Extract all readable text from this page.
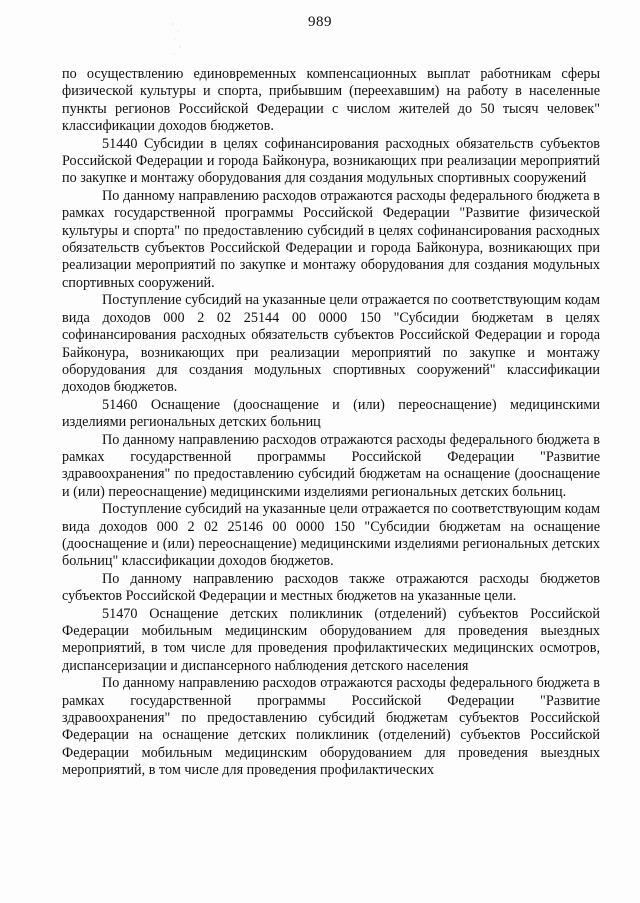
989

по осуществлению единовременных компенсационных выплат работникам сферы физической культуры и спорта, прибывшим (переехавшим) на работу в населенные пункты регионов Российской Федерации с числом жителей до 50 тысяч человек" классификации доходов бюджетов.

51440 Субсидии в целях софинансирования расходных обязательств субъектов Российской Федерации и города Байконура, возникающих при реализации мероприятий по закупке и монтажу оборудования для создания модульных спортивных сооружений

По данному направлению расходов отражаются расходы федерального бюджета в рамках государственной программы Российской Федерации "Развитие физической культуры и спорта" по предоставлению субсидий в целях софинансирования расходных обязательств субъектов Российской Федерации и города Байконура, возникающих при реализации мероприятий по закупке и монтажу оборудования для создания модульных спортивных сооружений.

Поступление субсидий на указанные цели отражается по соответствующим кодам вида доходов 000 2 02 25144 00 0000 150 "Субсидии бюджетам в целях софинансирования расходных обязательств субъектов Российской Федерации и города Байконура, возникающих при реализации мероприятий по закупке и монтажу оборудования для создания модульных спортивных сооружений" классификации доходов бюджетов.

51460 Оснащение (дооснащение и (или) переоснащение) медицинскими изделиями региональных детских больниц

По данному направлению расходов отражаются расходы федерального бюджета в рамках государственной программы Российской Федерации "Развитие здравоохранения" по предоставлению субсидий бюджетам на оснащение (дооснащение и (или) переоснащение) медицинскими изделиями региональных детских больниц.

Поступление субсидий на указанные цели отражается по соответствующим кодам вида доходов 000 2 02 25146 00 0000 150 "Субсидии бюджетам на оснащение (дооснащение и (или) переоснащение) медицинскими изделиями региональных детских больниц" классификации доходов бюджетов.

По данному направлению расходов также отражаются расходы бюджетов субъектов Российской Федерации и местных бюджетов на указанные цели.

51470 Оснащение детских поликлиник (отделений) субъектов Российской Федерации мобильным медицинским оборудованием для проведения выездных мероприятий, в том числе для проведения профилактических медицинских осмотров, диспансеризации и диспансерного наблюдения детского населения

По данному направлению расходов отражаются расходы федерального бюджета в рамках государственной программы Российской Федерации "Развитие здравоохранения" по предоставлению субсидий бюджетам субъектов Российской Федерации на оснащение детских поликлиник (отделений) субъектов Российской Федерации мобильным медицинским оборудованием для проведения выездных мероприятий, в том числе для проведения профилактических
